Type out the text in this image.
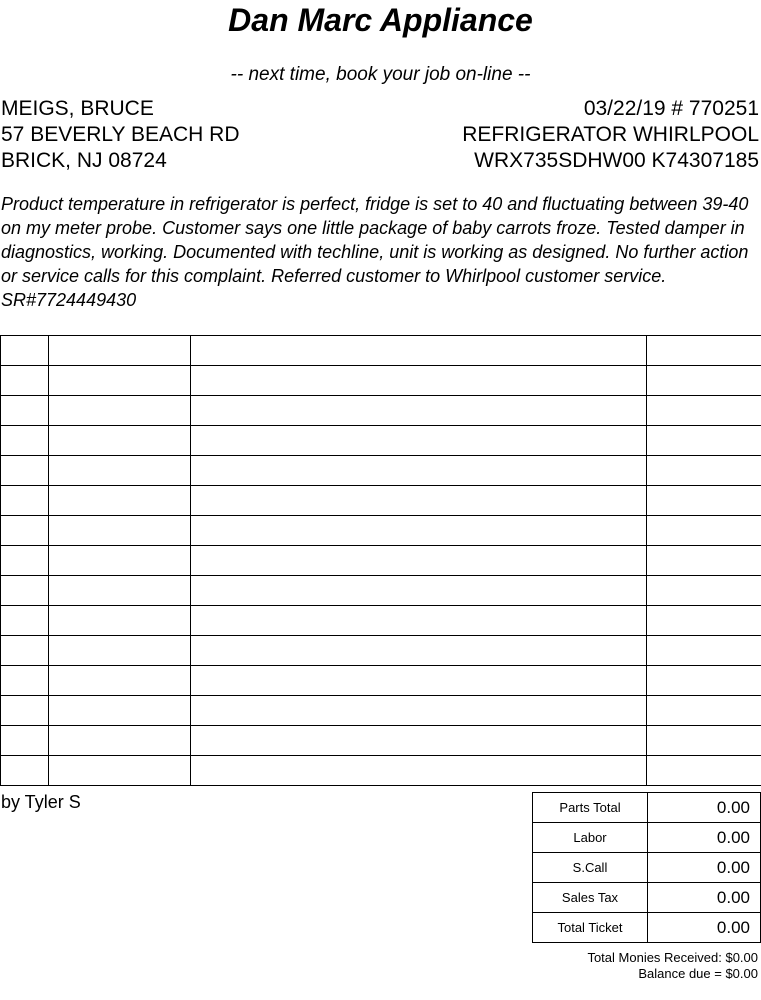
Dan Marc Appliance
-- next time, book your job on-line --
MEIGS, BRUCE
57 BEVERLY BEACH RD
BRICK, NJ 08724
03/22/19 # 770251
REFRIGERATOR WHIRLPOOL
WRX735SDHW00 K74307185
Product temperature in refrigerator is perfect, fridge is set to 40 and fluctuating between 39-40 on my meter probe. Customer says one little package of baby carrots froze. Tested damper in diagnostics, working. Documented with techline, unit is working as designed. No further action or service calls for this complaint. Referred customer to Whirlpool customer service. SR#7724449430

by Tyler S	Parts Total	0.00
Labor	0.00
S.Call	0.00
Sales Tax	0.00
Total Ticket	0.00
Total Monies Received: $0.00
Balance due = $0.00
